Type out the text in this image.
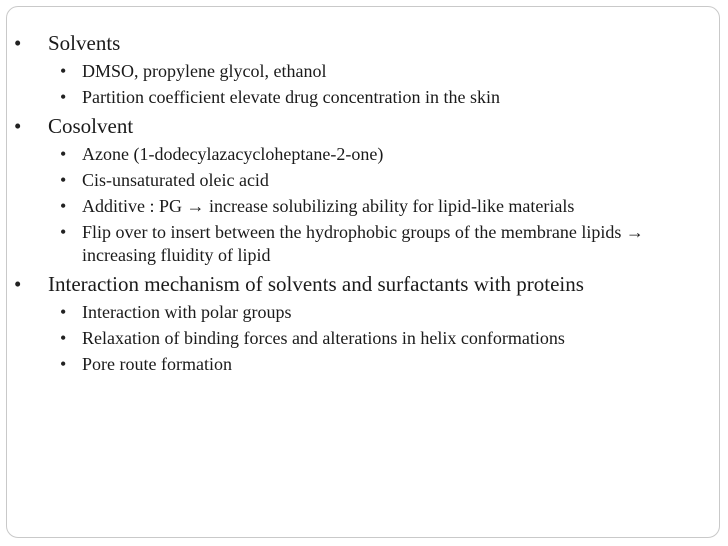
•	Solvents
• DMSO, propylene glycol, ethanol
• Partition coefficient elevate drug concentration in the skin
•	Cosolvent
• Azone (1-dodecylazacycloheptane-2-one)
• Cis-unsaturated oleic acid
• Additive : PG → increase solubilizing ability for lipid-like materials
• Flip over to insert between the hydrophobic groups of the membrane lipids → increasing fluidity of lipid
•	Interaction mechanism of solvents and surfactants with proteins
• Interaction with polar groups
• Relaxation of binding forces and alterations in helix conformations
• Pore route formation
